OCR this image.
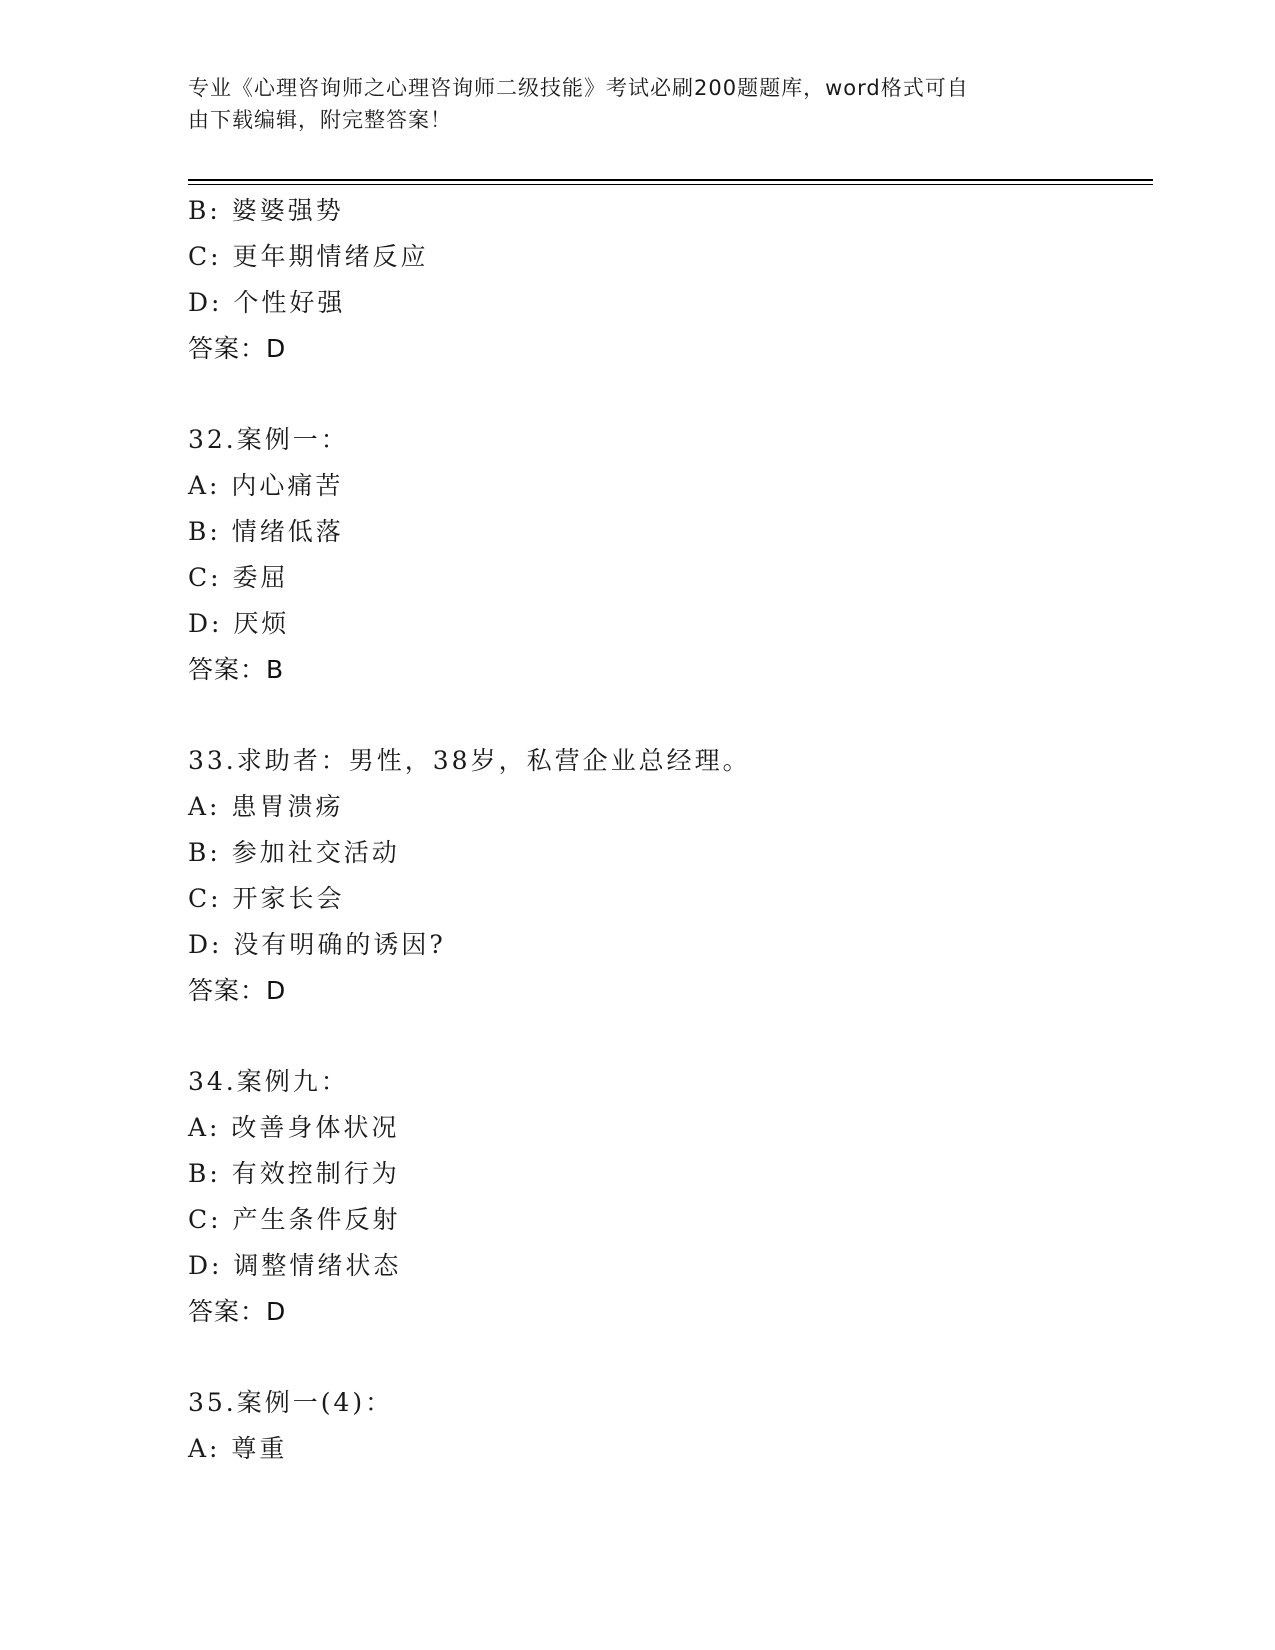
专业《心理咨询师之心理咨询师二级技能》考试必刷200题题库，word格式可自
由下载编辑，附完整答案！
B: 婆婆强势
C: 更年期情绪反应
D: 个性好强
答案：D
32.案例一：
A: 内心痛苦
B: 情绪低落
C: 委屈
D: 厌烦
答案：B
33.求助者：男性，38岁，私营企业总经理。
A: 患胃溃疡
B: 参加社交活动
C: 开家长会
D: 没有明确的诱因?
答案：D
34.案例九：
A: 改善身体状况
B: 有效控制行为
C: 产生条件反射
D: 调整情绪状态
答案：D
35.案例一(4)：
A: 尊重
